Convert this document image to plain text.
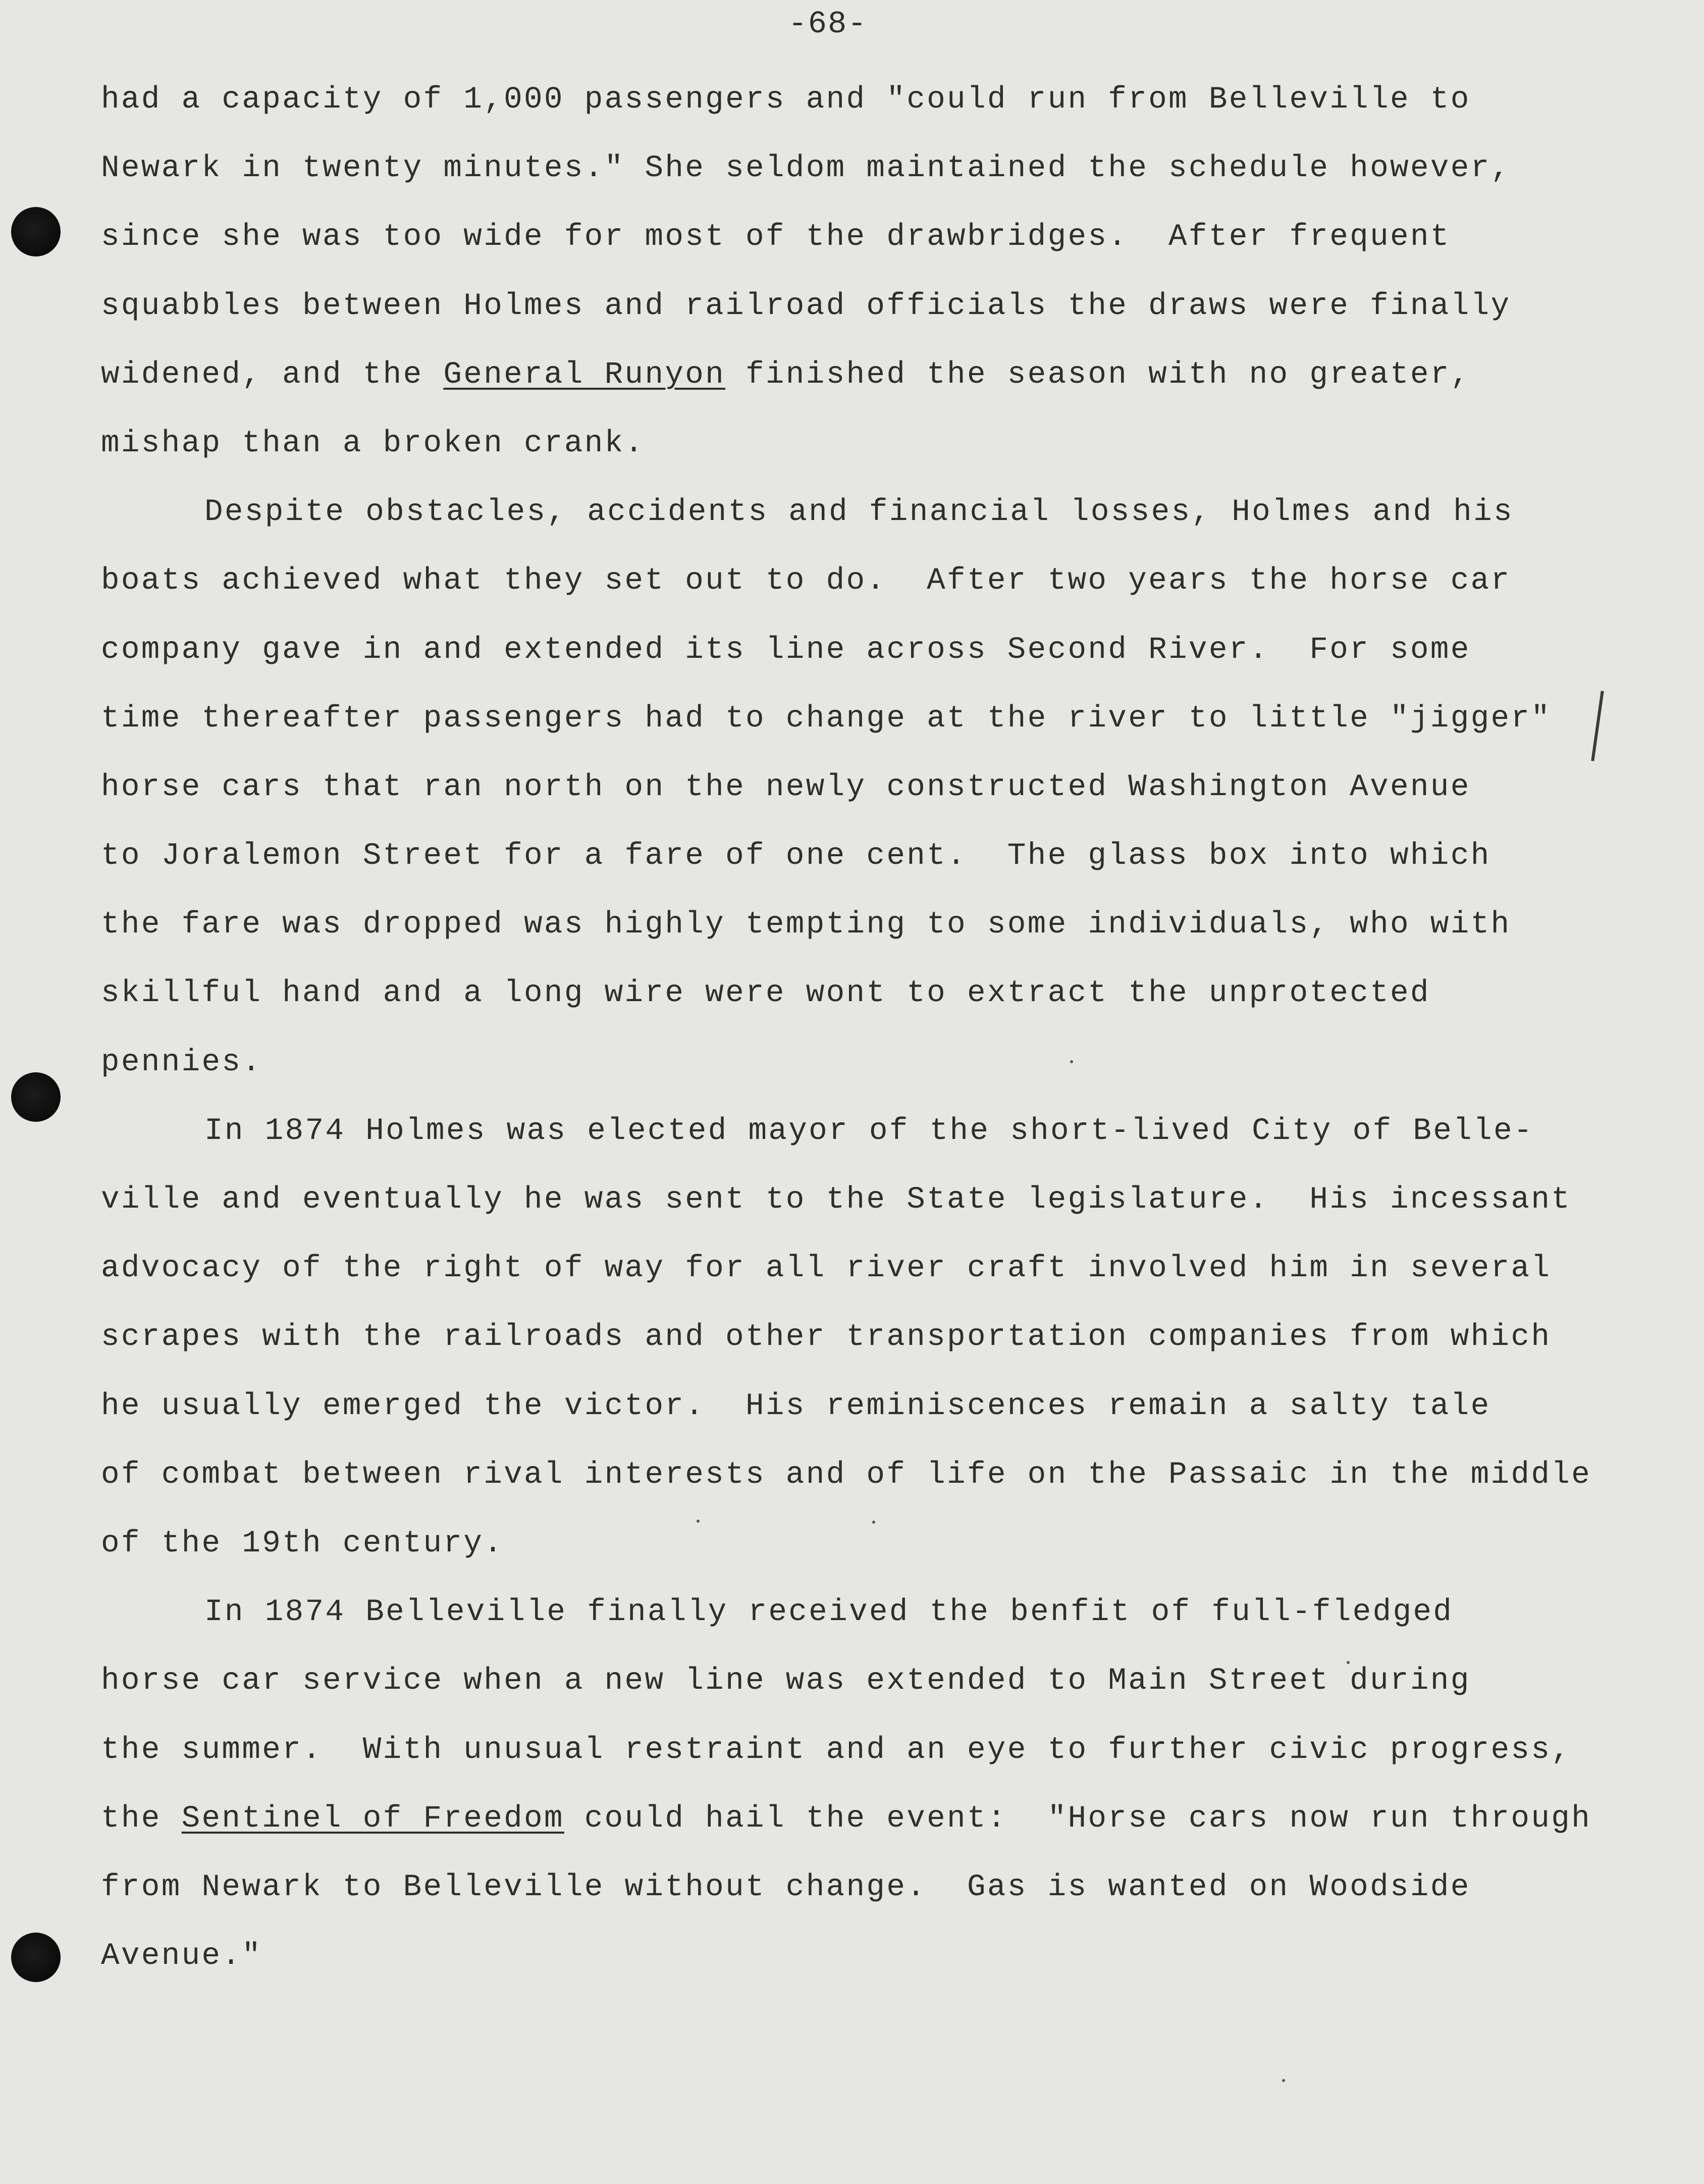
-68-
had a capacity of 1,000 passengers and "could run from Belleville to
Newark in twenty minutes." She seldom maintained the schedule however,
since she was too wide for most of the drawbridges.  After frequent
squabbles between Holmes and railroad officials the draws were finally
widened, and the General Runyon finished the season with no greater,
mishap than a broken crank.
Despite obstacles, accidents and financial losses, Holmes and his
boats achieved what they set out to do.  After two years the horse car
company gave in and extended its line across Second River.  For some
time thereafter passengers had to change at the river to little "jigger"
horse cars that ran north on the newly constructed Washington Avenue
to Joralemon Street for a fare of one cent.  The glass box into which
the fare was dropped was highly tempting to some individuals, who with
skillful hand and a long wire were wont to extract the unprotected
pennies.
In 1874 Holmes was elected mayor of the short-lived City of Belle-
ville and eventually he was sent to the State legislature.  His incessant
advocacy of the right of way for all river craft involved him in several
scrapes with the railroads and other transportation companies from which
he usually emerged the victor.  His reminiscences remain a salty tale
of combat between rival interests and of life on the Passaic in the middle
of the 19th century.
In 1874 Belleville finally received the benfit of full-fledged
horse car service when a new line was extended to Main Street during
the summer.  With unusual restraint and an eye to further civic progress,
the Sentinel of Freedom could hail the event:  "Horse cars now run through
from Newark to Belleville without change.  Gas is wanted on Woodside
Avenue."
